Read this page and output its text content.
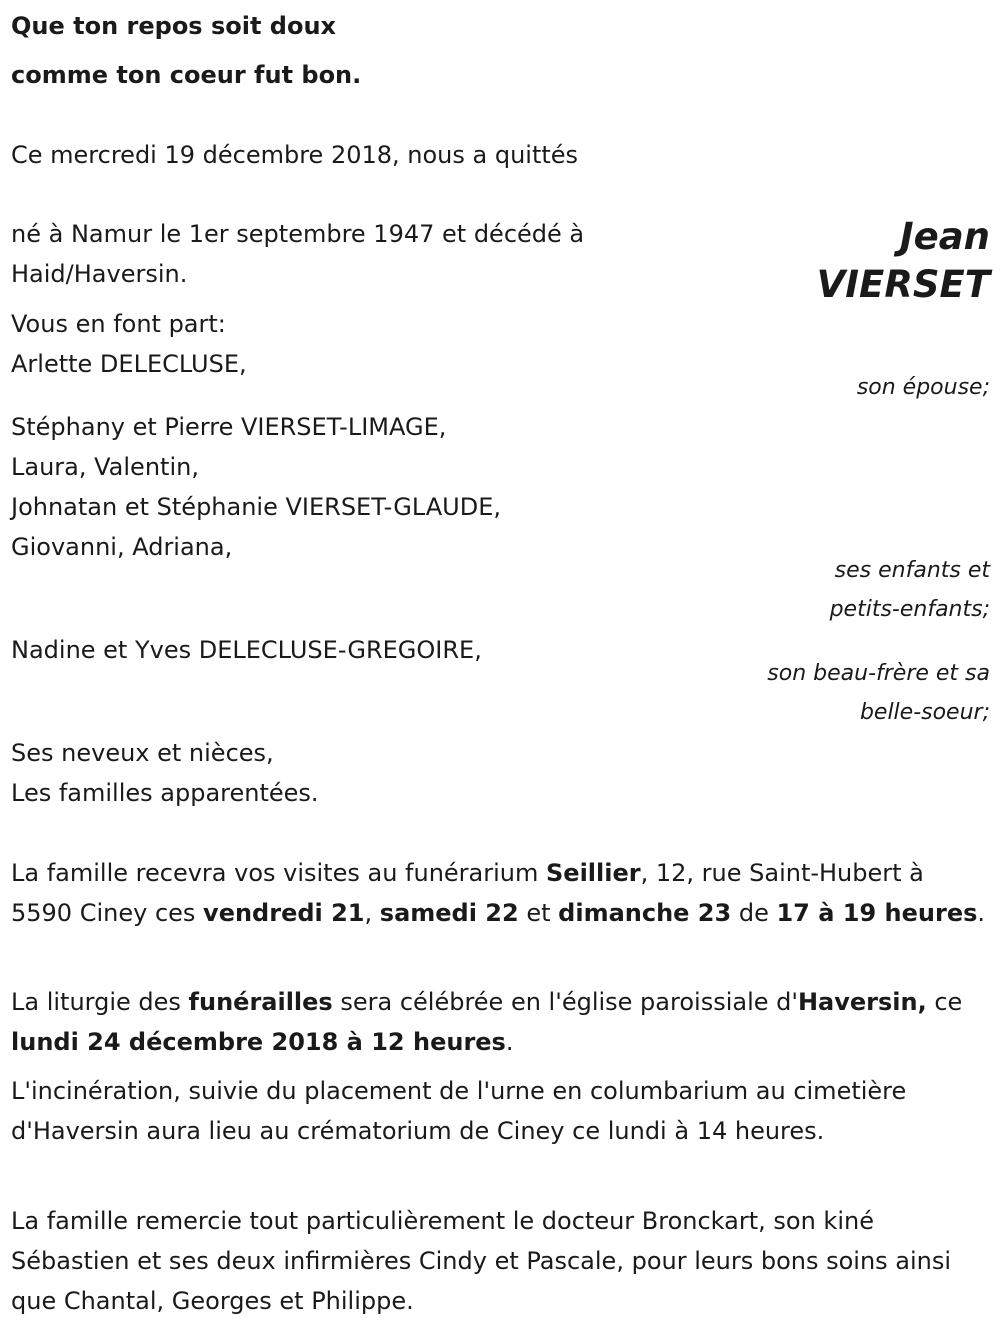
Que ton repos soit doux
comme ton coeur fut bon.
Ce mercredi 19 décembre 2018, nous a quittés
Jean
VIERSET
né à Namur le 1er septembre 1947 et décédé à
Haid/Haversin.
Vous en font part:
Arlette DELECLUSE,
son épouse;
Stéphany et Pierre VIERSET-LIMAGE,
Laura, Valentin,
Johnatan et Stéphanie VIERSET-GLAUDE,
Giovanni, Adriana,
ses enfants et
petits-enfants;
Nadine et Yves DELECLUSE-GREGOIRE,
son beau-frère et sa
belle-soeur;
Ses neveux et nièces,
Les familles apparentées.

La famille recevra vos visites au funérarium Seillier, 12, rue Saint-Hubert à 5590 Ciney ces vendredi 21, samedi 22 et dimanche 23 de 17 à 19 heures.

La liturgie des funérailles sera célébrée en l'église paroissiale d'Haversin, ce lundi 24 décembre 2018 à 12 heures.

L'incinération, suivie du placement de l'urne en columbarium au cimetière d'Haversin aura lieu au crématorium de Ciney ce lundi à 14 heures.

La famille remercie tout particulièrement le docteur Bronckart, son kiné Sébastien et ses deux infirmières Cindy et Pascale, pour leurs bons soins ainsi que Chantal, Georges et Philippe.
